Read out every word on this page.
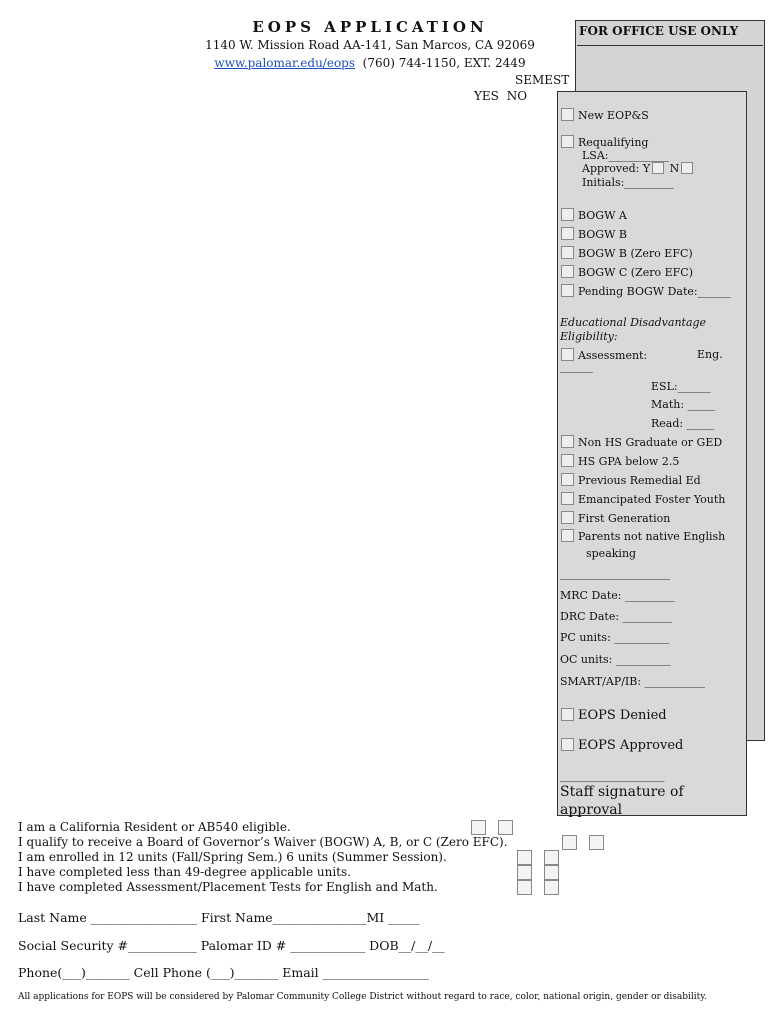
EOPS APPLICATION
1140 W. Mission Road AA-141, San Marcos, CA 92069
www.palomar.edu/eops (760) 744-1150, EXT. 2449
SEMEST
YES NO
FOR OFFICE USE ONLY
New EOP&S
Requalifying
LSA:___________
Approved: Y N
Initials:_________
BOGW A
BOGW B
BOGW B (Zero EFC)
BOGW C (Zero EFC)
Pending BOGW Date:______
Educational Disadvantage
Eligibility:
Assessment:	Eng.
______
ESL:______
Math: _____
Read: _____
Non HS Graduate or GED
HS GPA below 2.5
Previous Remedial Ed
Emancipated Foster Youth
First Generation
Parents not native English
speaking
____________________
MRC Date: _________
DRC Date: _________
PC units: __________
OC units: __________
SMART/AP/IB: ___________
EOPS Denied
EOPS Approved
___________________
Staff signature of approval
I am a California Resident or AB540 eligible.
I qualify to receive a Board of Governor’s Waiver (BOGW) A, B, or C (Zero EFC).
I am enrolled in 12 units (Fall/Spring Sem.) 6 units (Summer Session).
I have completed less than 49-degree applicable units.
I have completed Assessment/Placement Tests for English and Math.
Last Name _________________ First Name_______________MI _____
Social Security #___________ Palomar ID # ____________ DOB__/__/__
Phone(___)_______ Cell Phone (___)_______ Email _________________
All applications for EOPS will be considered by Palomar Community College District without regard to race, color, national origin, gender or disability.
